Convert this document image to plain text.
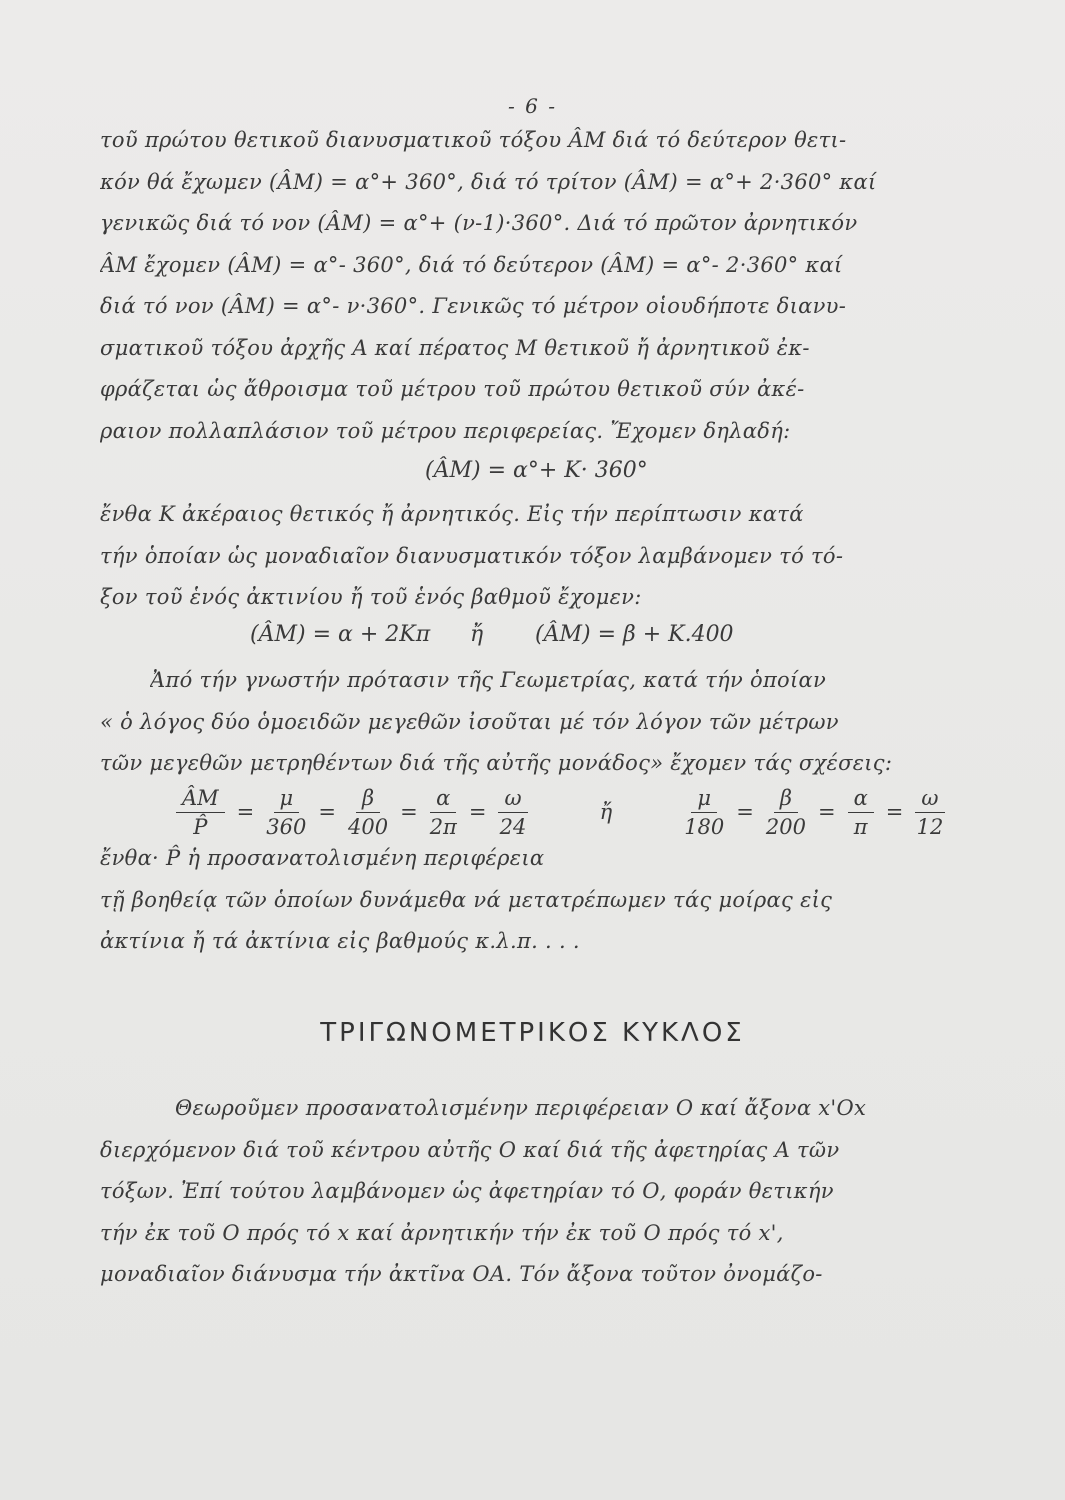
- 6 -
τοῦ πρώτου θετικοῦ διανυσματικοῦ τόξου ÂM διά τό δεύτερον θετι-
κόν θά ἔχωμεν (ÂM) = α°+ 360°, διά τό τρίτον (ÂM) = α°+ 2·360° καί
γενικῶς διά τό νον (ÂM) = α°+ (ν-1)·360°. Διά τό πρῶτον ἀρνητικόν
ÂM ἔχομεν (ÂM) = α°- 360°, διά τό δεύτερον (ÂM) = α°- 2·360° καί
διά τό νον (ÂM) = α°- ν·360°. Γενικῶς τό μέτρον οἱουδήποτε διανυ-
σματικοῦ τόξου ἀρχῆς Α καί πέρατος Μ θετικοῦ ἤ ἀρνητικοῦ ἐκ-
φράζεται ὡς ἄθροισμα τοῦ μέτρου τοῦ πρώτου θετικοῦ σύν ἀκέ-
ραιον πολλαπλάσιον τοῦ μέτρου περιφερείας. Ἔχομεν δηλαδή:
(ÂM) = α°+ K· 360°
ἔνθα K ἀκέραιος θετικός ἤ ἀρνητικός. Εἰς τήν περίπτωσιν κατά
τήν ὁποίαν ὡς μοναδιαῖον διανυσματικόν τόξον λαμβάνομεν τό τό-
ξον τοῦ ἑνός ἀκτινίου ἤ τοῦ ἑνός βαθμοῦ ἔχομεν:
(ÂM) = α + 2Kπ ἤ (ÂM) = β + K.400
Ἀπό τήν γνωστήν πρότασιν τῆς Γεωμετρίας, κατά τήν ὁποίαν
« ὁ λόγος δύο ὁμοειδῶν μεγεθῶν ἰσοῦται μέ τόν λόγον τῶν μέτρων
τῶν μεγεθῶν μετρηθέντων διά τῆς αὐτῆς μονάδος» ἔχομεν τάς σχέσεις:
$\frac{ÂM}{P̂} = \frac{\mu}{360} = \frac{\beta}{400} = \frac{\alpha}{2\pi} = \frac{\omega}{24}$	ἤ	$\frac{\mu}{180} = \frac{\beta}{200} = \frac{\alpha}{\pi} = \frac{\omega}{12}$
ἔνθα· P̂ ἡ προσανατολισμένη περιφέρεια
τῇ βοηθείᾳ τῶν ὁποίων δυνάμεθα νά μετατρέπωμεν τάς μοίρας εἰς
ἀκτίνια ἤ τά ἀκτίνια εἰς βαθμούς κ.λ.π. . . .
ΤΡΙΓΩΝΟΜΕΤΡΙΚΟΣ ΚΥΚΛΟΣ
Θεωροῦμεν προσανατολισμένην περιφέρειαν Ο καί ἄξονα x'Ox
διερχόμενον διά τοῦ κέντρου αὐτῆς Ο καί διά τῆς ἀφετηρίας Α τῶν
τόξων. Ἐπί τούτου λαμβάνομεν ὡς ἀφετηρίαν τό Ο, φοράν θετικήν
τήν ἐκ τοῦ Ο πρός τό x καί ἀρνητικήν τήν ἐκ τοῦ Ο πρός τό x',
μοναδιαῖον διάνυσμα τήν ἀκτῖνα ΟΑ. Τόν ἄξονα τοῦτον ὀνομάζο-
